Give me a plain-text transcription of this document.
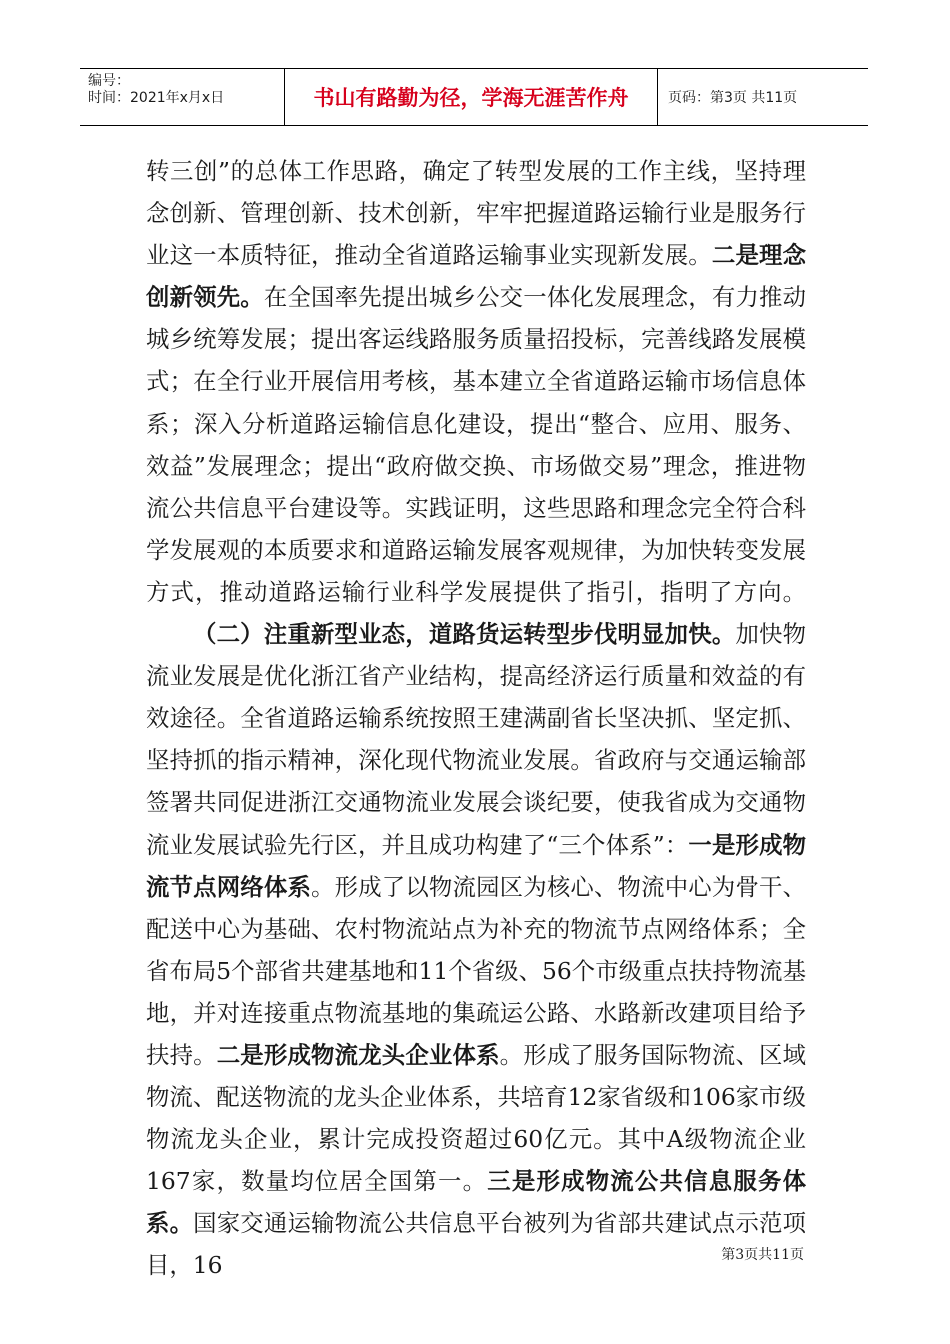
编号：
时间：2021年x月x日	书山有路勤为径，学海无涯苦作舟	页码：第3页 共11页

转三创”的总体工作思路，确定了转型发展的工作主线，坚持理念创新、管理创新、技术创新，牢牢把握道路运输行业是服务行业这一本质特征，推动全省道路运输事业实现新发展。二是理念创新领先。在全国率先提出城乡公交一体化发展理念，有力推动城乡统筹发展；提出客运线路服务质量招投标，完善线路发展模式；在全行业开展信用考核，基本建立全省道路运输市场信息体系；深入分析道路运输信息化建设，提出“整合、应用、服务、效益”发展理念；提出“政府做交换、市场做交易”理念，推进物流公共信息平台建设等。实践证明，这些思路和理念完全符合科学发展观的本质要求和道路运输发展客观规律，为加快转变发展方式，推动道路运输行业科学发展提供了指引，指明了方向。

（二）注重新型业态，道路货运转型步伐明显加快。加快物流业发展是优化浙江省产业结构，提高经济运行质量和效益的有效途径。全省道路运输系统按照王建满副省长坚决抓、坚定抓、坚持抓的指示精神，深化现代物流业发展。省政府与交通运输部签署共同促进浙江交通物流业发展会谈纪要，使我省成为交通物流业发展试验先行区，并且成功构建了“三个体系”：一是形成物流节点网络体系。形成了以物流园区为核心、物流中心为骨干、配送中心为基础、农村物流站点为补充的物流节点网络体系；全省布局5个部省共建基地和11个省级、56个市级重点扶持物流基地，并对连接重点物流基地的集疏运公路、水路新改建项目给予扶持。二是形成物流龙头企业体系。形成了服务国际物流、区域物流、配送物流的龙头企业体系，共培育12家省级和106家市级物流龙头企业，累计完成投资超过60亿元。其中A级物流企业167家，数量均位居全国第一。三是形成物流公共信息服务体系。国家交通运输物流公共信息平台被列为省部共建试点示范项目，16	第3页共11页
